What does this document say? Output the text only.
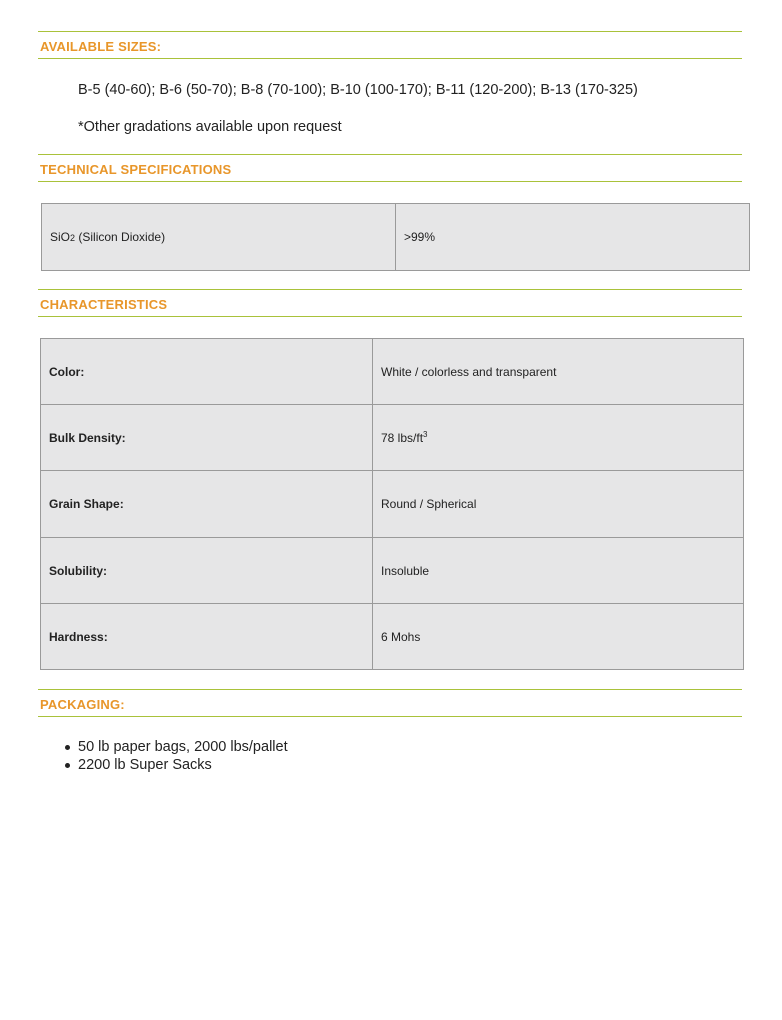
AVAILABLE SIZES:
B-5 (40-60); B-6 (50-70); B-8 (70-100); B-10 (100-170); B-11 (120-200); B-13 (170-325)
*Other gradations available upon request
TECHNICAL SPECIFICATIONS
SiO2 (Silicon Dioxide)	>99%
CHARACTERISTICS
Color:	White / colorless and transparent
Bulk Density:	78 lbs/$ft^3$
Grain Shape:	Round / Spherical
Solubility:	Insoluble
Hardness:	6 Mohs
PACKAGING:
50 lb paper bags, 2000 lbs/pallet
2200 lb Super Sacks
